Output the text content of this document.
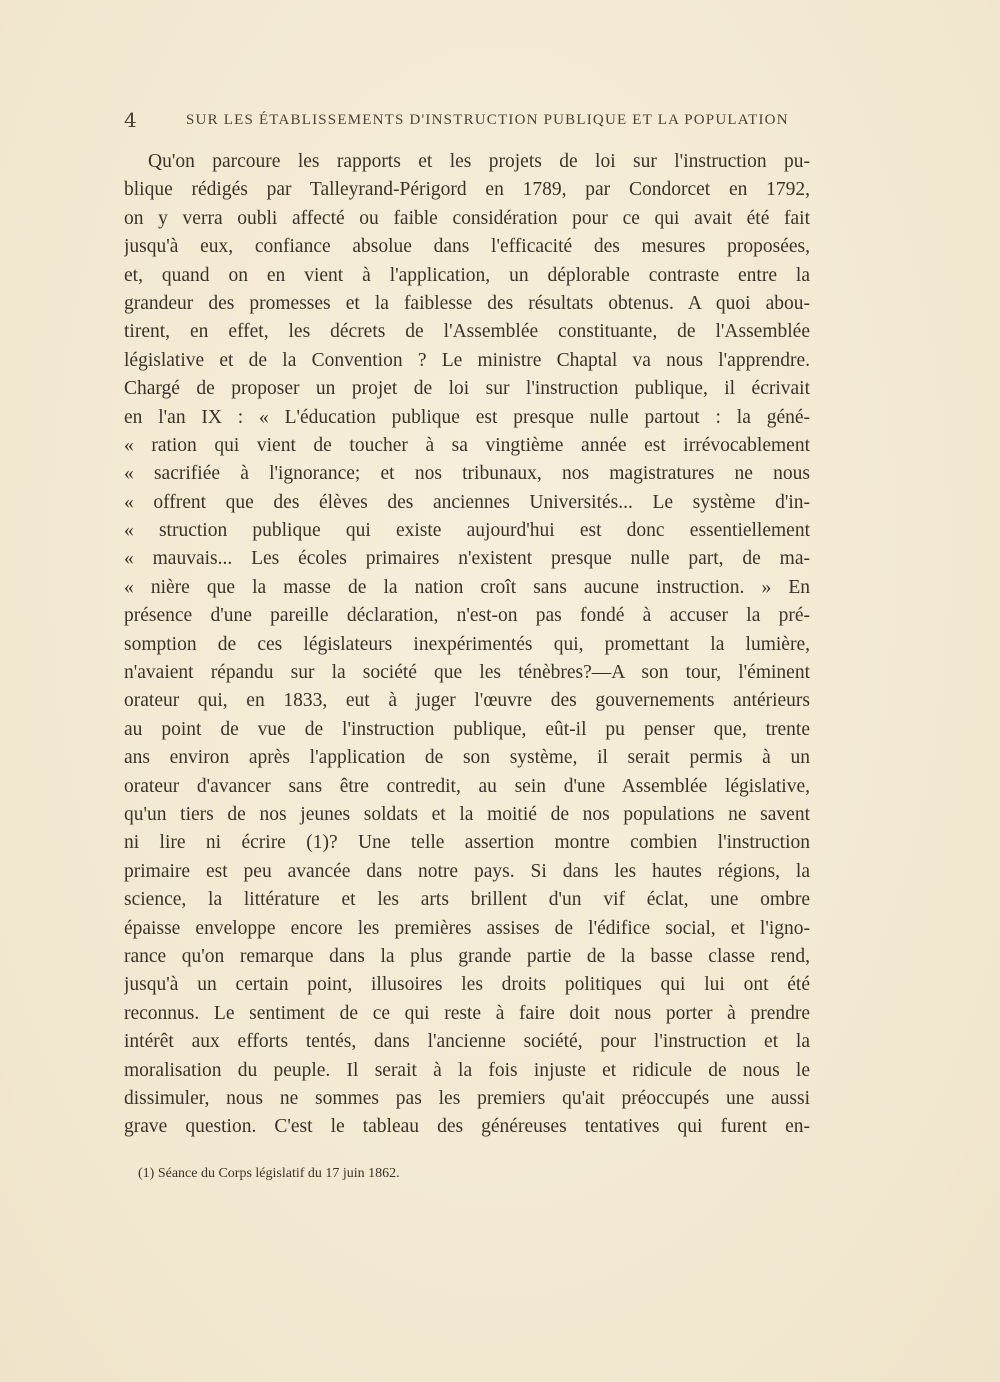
4	SUR LES ÉTABLISSEMENTS D'INSTRUCTION PUBLIQUE ET LA POPULATION
Qu'on parcoure les rapports et les projets de loi sur l'instruction pu-
blique rédigés par Talleyrand-Périgord en 1789, par Condorcet en 1792,
on y verra oubli affecté ou faible considération pour ce qui avait été fait
jusqu'à eux, confiance absolue dans l'efficacité des mesures proposées,
et, quand on en vient à l'application, un déplorable contraste entre la
grandeur des promesses et la faiblesse des résultats obtenus. A quoi abou-
tirent, en effet, les décrets de l'Assemblée constituante, de l'Assemblée
législative et de la Convention ? Le ministre Chaptal va nous l'apprendre.
Chargé de proposer un projet de loi sur l'instruction publique, il écrivait
en l'an IX : « L'éducation publique est presque nulle partout : la géné-
« ration qui vient de toucher à sa vingtième année est irrévocablement
« sacrifiée à l'ignorance; et nos tribunaux, nos magistratures ne nous
« offrent que des élèves des anciennes Universités... Le système d'in-
« struction publique qui existe aujourd'hui est donc essentiellement
« mauvais... Les écoles primaires n'existent presque nulle part, de ma-
« nière que la masse de la nation croît sans aucune instruction. » En
présence d'une pareille déclaration, n'est-on pas fondé à accuser la pré-
somption de ces législateurs inexpérimentés qui, promettant la lumière,
n'avaient répandu sur la société que les ténèbres?—A son tour, l'éminent
orateur qui, en 1833, eut à juger l'œuvre des gouvernements antérieurs
au point de vue de l'instruction publique, eût-il pu penser que, trente
ans environ après l'application de son système, il serait permis à un
orateur d'avancer sans être contredit, au sein d'une Assemblée législative,
qu'un tiers de nos jeunes soldats et la moitié de nos populations ne savent
ni lire ni écrire (1)? Une telle assertion montre combien l'instruction
primaire est peu avancée dans notre pays. Si dans les hautes régions, la
science, la littérature et les arts brillent d'un vif éclat, une ombre
épaisse enveloppe encore les premières assises de l'édifice social, et l'igno-
rance qu'on remarque dans la plus grande partie de la basse classe rend,
jusqu'à un certain point, illusoires les droits politiques qui lui ont été
reconnus. Le sentiment de ce qui reste à faire doit nous porter à prendre
intérêt aux efforts tentés, dans l'ancienne société, pour l'instruction et la
moralisation du peuple. Il serait à la fois injuste et ridicule de nous le
dissimuler, nous ne sommes pas les premiers qu'ait préoccupés une aussi
grave question. C'est le tableau des généreuses tentatives qui furent en-
(1) Séance du Corps législatif du 17 juin 1862.
